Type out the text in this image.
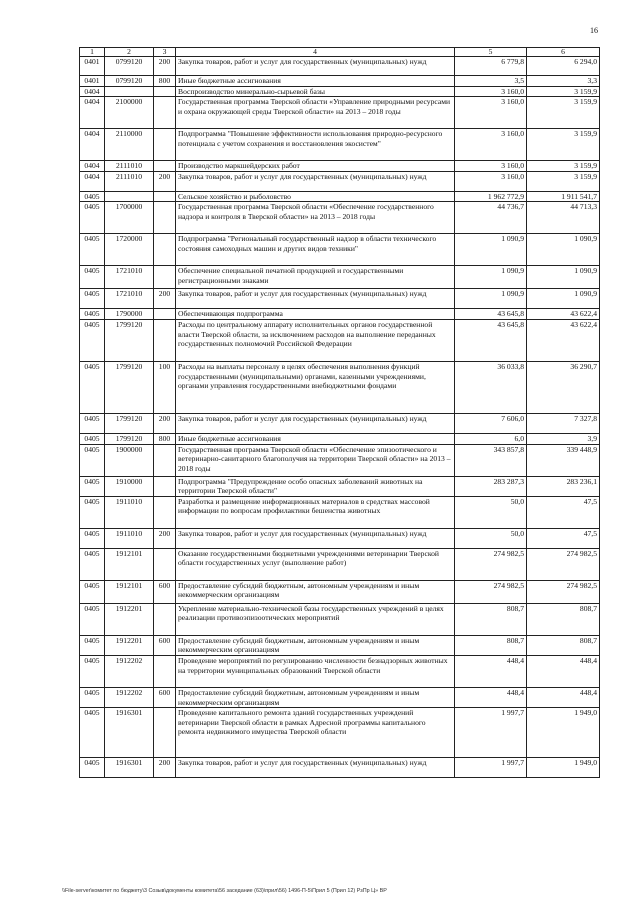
16
1	2	3	4	5	6
0401	0799120	200	Закупка товаров, работ и услуг для государственных (муниципальных) нужд	6 779,8	6 294,0
0401	0799120	800	Иные бюджетные ассигнования	3,5	3,3
0404			Воспроизводство минерально-сырьевой базы	3 160,0	3 159,9
0404	2100000		Государственная программа Тверской области «Управление природными ресурсами и охрана окружающей среды Тверской области» на 2013 – 2018 годы	3 160,0	3 159,9
0404	2110000		Подпрограмма "Повышение эффективности использования природно-ресурсного потенциала с учетом сохранения и восстановления экосистем"	3 160,0	3 159,9
0404	2111010		Производство маркшейдерских работ	3 160,0	3 159,9
0404	2111010	200	Закупка товаров, работ и услуг для государственных (муниципальных) нужд	3 160,0	3 159,9
0405			Сельское хозяйство и рыболовство	1 962 772,9	1 911 541,7
0405	1700000		Государственная программа Тверской области «Обеспечение государственного надзора и контроля в Тверской области» на 2013 – 2018 годы	44 736,7	44 713,3
0405	1720000		Подпрограмма "Региональный государственный надзор в области технического состояния самоходных машин и других видов техники"	1 090,9	1 090,9
0405	1721010		Обеспечение специальной печатной продукцией и государственными регистрационными знаками	1 090,9	1 090,9
0405	1721010	200	Закупка товаров, работ и услуг для государственных (муниципальных) нужд	1 090,9	1 090,9
0405	1790000		Обеспечивающая подпрограмма	43 645,8	43 622,4
0405	1799120		Расходы по центральному аппарату исполнительных органов государственной власти Тверской области, за исключением расходов на выполнение переданных государственных полномочий Российской Федерации	43 645,8	43 622,4
0405	1799120	100	Расходы на выплаты персоналу в целях обеспечения выполнения функций государственными (муниципальными) органами, казенными учреждениями, органами управления государственными внебюджетными фондами	36 033,8	36 290,7
0405	1799120	200	Закупка товаров, работ и услуг для государственных (муниципальных) нужд	7 606,0	7 327,8
0405	1799120	800	Иные бюджетные ассигнования	6,0	3,9
0405	1900000		Государственная программа Тверской области «Обеспечение эпизоотического и ветеринарно-санитарного благополучия на территории Тверской области» на 2013 – 2018 годы	343 857,8	339 448,9
0405	1910000		Подпрограмма "Предупреждение особо опасных заболеваний животных на территории Тверской области"	283 287,3	283 236,1
0405	1911010		Разработка и размещение информационных материалов в средствах массовой информации по вопросам профилактики бешенства животных	50,0	47,5
0405	1911010	200	Закупка товаров, работ и услуг для государственных (муниципальных) нужд	50,0	47,5
0405	1912101		Оказание государственными бюджетными учреждениями ветеринарии Тверской области государственных услуг (выполнение работ)	274 982,5	274 982,5
0405	1912101	600	Предоставление субсидий бюджетным, автономным учреждениям и иным некоммерческим организациям	274 982,5	274 982,5
0405	1912201		Укрепление материально-технической базы государственных учреждений в целях реализации противоэпизоотических мероприятий	808,7	808,7
0405	1912201	600	Предоставление субсидий бюджетным, автономным учреждениям и иным некоммерческим организациям	808,7	808,7
0405	1912202		Проведение мероприятий по регулированию численности безнадзорных животных на территории муниципальных образований Тверской области	448,4	448,4
0405	1912202	600	Предоставление субсидий бюджетным, автономным учреждениям и иным некоммерческим организациям	448,4	448,4
0405	1916301		Проведение капитального ремонта зданий государственных учреждений ветеринарии Тверской области в рамках Адресной программы капитального ремонта недвижимого имущества Тверской области	1 997,7	1 949,0
0405	1916301	200	Закупка товаров, работ и услуг для государственных (муниципальных) нужд	1 997,7	1 949,0
\\File-server\комитет по бюджету\3 Созыв\документы комитета\56 заседание (63)\прил\56) 1496-П-5\Прил 5 (Прил 12) РзПр Ц» ВР
